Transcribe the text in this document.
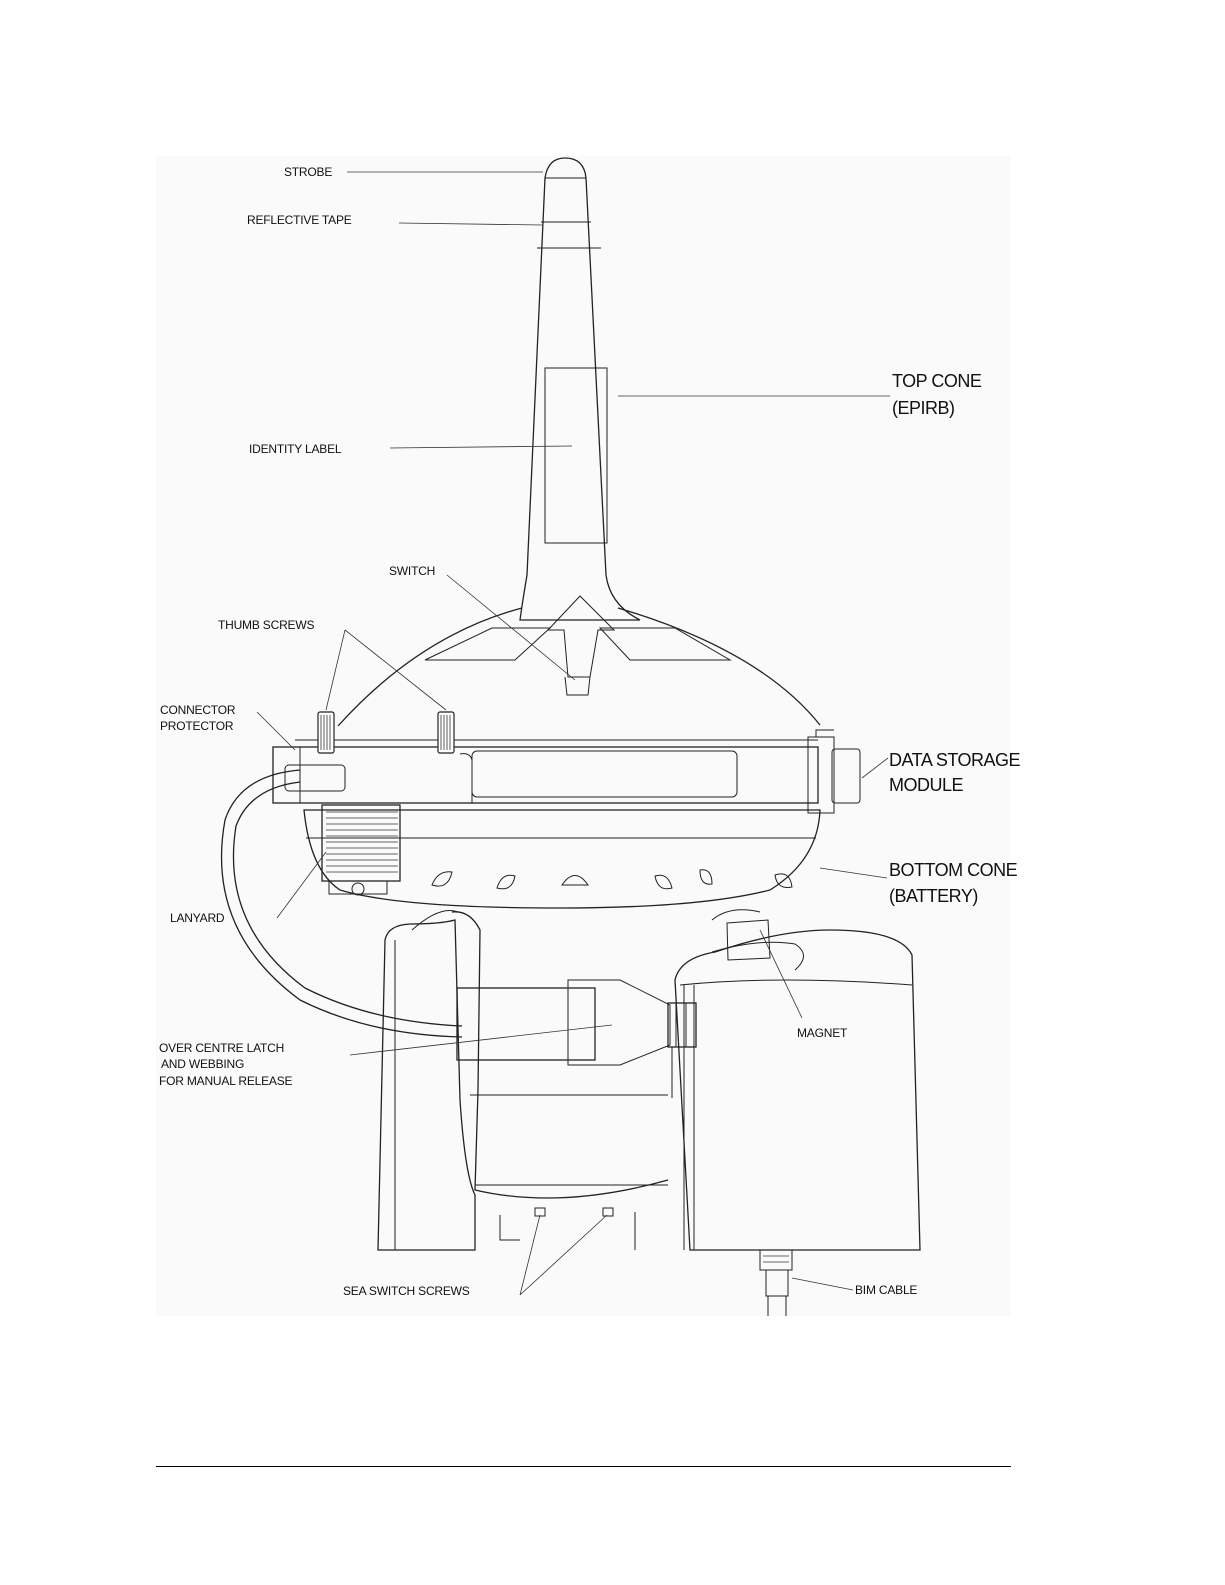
STROBE
REFLECTIVE TAPE
TOP CONE
(EPIRB)
IDENTITY LABEL
SWITCH
THUMB SCREWS
CONNECTOR
PROTECTOR
DATA STORAGE
MODULE
BOTTOM CONE
(BATTERY)
LANYARD
MAGNET
OVER CENTRE LATCH
AND WEBBING
FOR MANUAL RELEASE
SEA SWITCH SCREWS	BIM CABLE
